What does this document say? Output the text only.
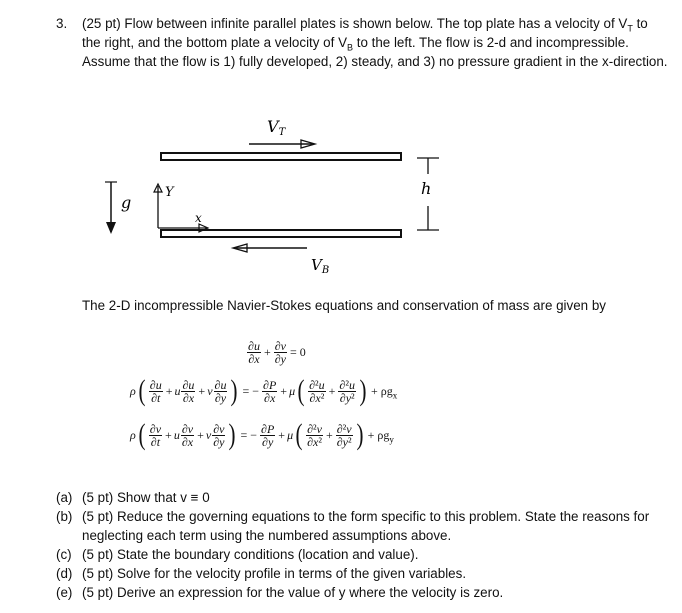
3. (25 pt) Flow between infinite parallel plates is shown below. The top plate has a velocity of $V_T$ to the right, and the bottom plate a velocity of $V_B$ to the left. The flow is 2-d and incompressible. Assume that the flow is 1) fully developed, 2) steady, and 3) no pressure gradient in the x-direction.
VT
$V_B$
h
g
Y
x
The 2-D incompressible Navier-Stokes equations and conservation of mass are given by
$\frac{\partial u}{\partial x} + \frac{\partial v}{\partial y} = 0$
ρ ( $\frac{\partial u}{\partial t} + u \frac{\partial u}{\partial x} + v \frac{\partial u}{\partial y}$ ) = − $\frac{\partial P}{\partial x} + \mu$ ( $\frac{\text{∂²u}}{\text{∂x²}} + \frac{\text{∂²u}}{\text{∂y²}}$ ) + $\rho g_x$
ρ ( $\frac{\partial v}{\partial t} + u \frac{\partial v}{\partial x} + v \frac{\partial v}{\partial y}$ ) = − $\frac{\partial P}{\partial y} + \mu$ ( $\frac{\text{∂²v}}{\text{∂x²}} + \frac{\text{∂²v}}{\text{∂y²}}$ ) + $\rho g_y$
(a) (5 pt) Show that v ≡ 0
(b) (5 pt) Reduce the governing equations to the form specific to this problem. State the reasons for neglecting each term using the numbered assumptions above.
(c) (5 pt) State the boundary conditions (location and value).
(d) (5 pt) Solve for the velocity profile in terms of the given variables.
(e) (5 pt) Derive an expression for the value of y where the velocity is zero.
